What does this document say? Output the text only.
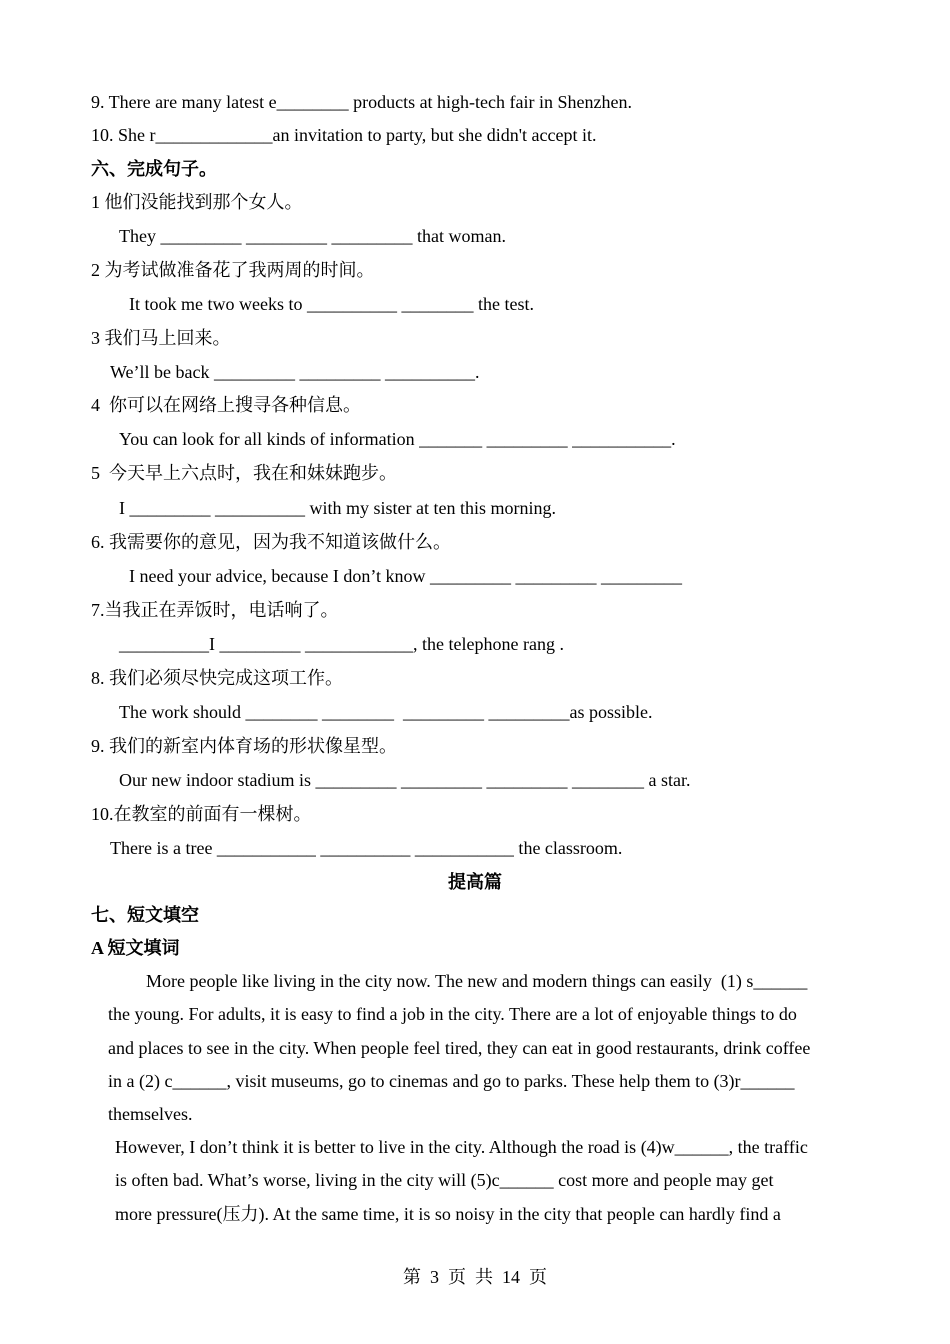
9. There are many latest e________ products at high-tech fair in Shenzhen.
10. She r_____________an invitation to party, but she didn't accept it.
六、完成句子。
1 他们没能找到那个女人。
They _________ _________ _________ that woman.
2 为考试做准备花了我两周的时间。
It took me two weeks to __________ ________ the test.
3 我们马上回来。
We’ll be back _________ _________ __________.
4  你可以在网络上搜寻各种信息。
You can look for all kinds of information _______ _________ ___________.
5  今天早上六点时，我在和妹妹跑步。
I _________ __________ with my sister at ten this morning.
6. 我需要你的意见，因为我不知道该做什么。
I need your advice, because I don’t know _________ _________ _________
7.当我正在弄饭时，电话响了。
__________I _________ ____________, the telephone rang .
8. 我们必须尽快完成这项工作。
The work should ________ ________  _________ _________as possible.
9. 我们的新室内体育场的形状像星型。
Our new indoor stadium is _________ _________ _________ ________ a star.
10.在教室的前面有一棵树。
There is a tree ___________ __________ ___________ the classroom.
提高篇
七、短文填空
A 短文填词
More people like living in the city now. The new and modern things can easily  (1) s______
the young. For adults, it is easy to find a job in the city. There are a lot of enjoyable things to do
and places to see in the city. When people feel tired, they can eat in good restaurants, drink coffee
in a (2) c______, visit museums, go to cinemas and go to parks. These help them to (3)r______
themselves.
However, I don’t think it is better to live in the city. Although the road is (4)w______, the traffic
is often bad. What’s worse, living in the city will (5)c______ cost more and people may get
more pressure(压力). At the same time, it is so noisy in the city that people can hardly find a
第  3  页  共  14  页
